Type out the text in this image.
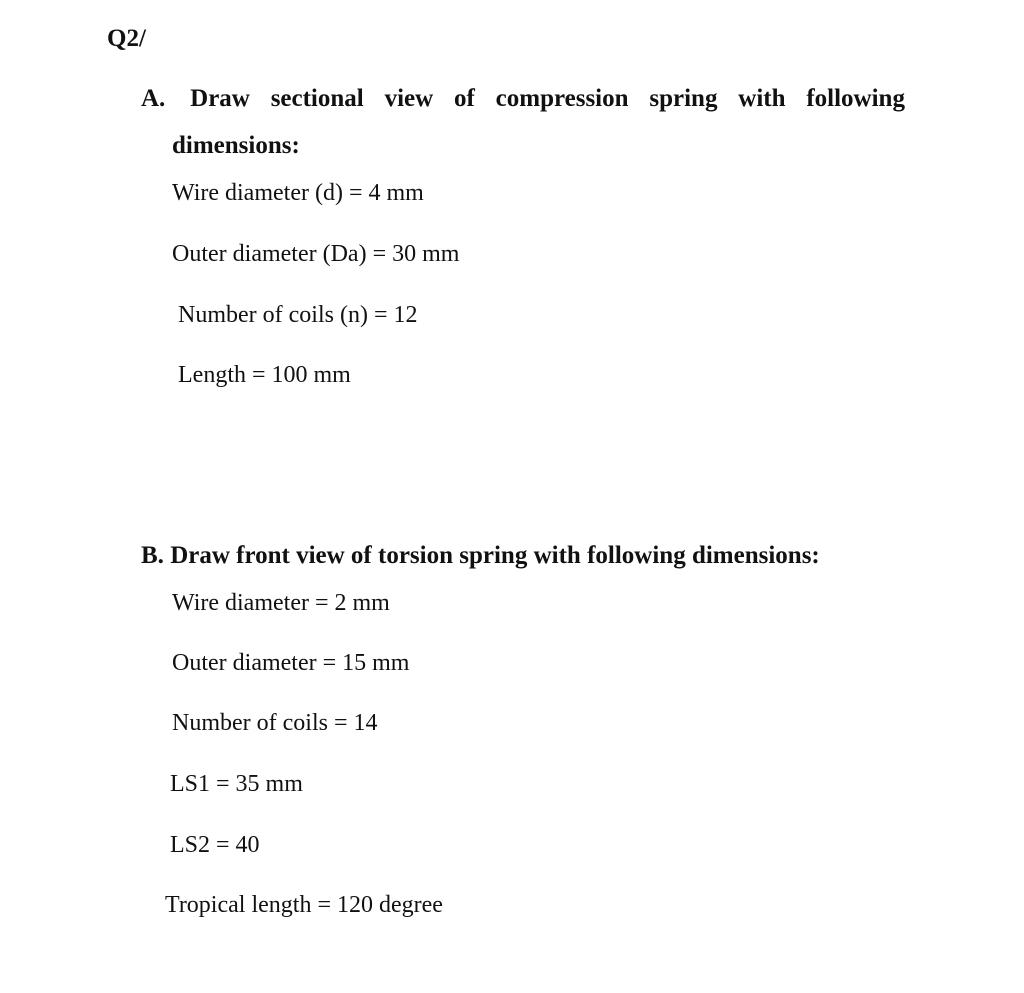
Q2/
A. Draw sectional view of compression spring with following
dimensions:
Wire diameter (d) = 4 mm
Outer diameter (Da) = 30 mm
Number of coils (n) = 12
Length = 100 mm
B. Draw front view of torsion spring with following dimensions:
Wire diameter = 2 mm
Outer diameter = 15 mm
Number of coils = 14
LS1 = 35 mm
LS2 = 40
Tropical length = 120 degree
